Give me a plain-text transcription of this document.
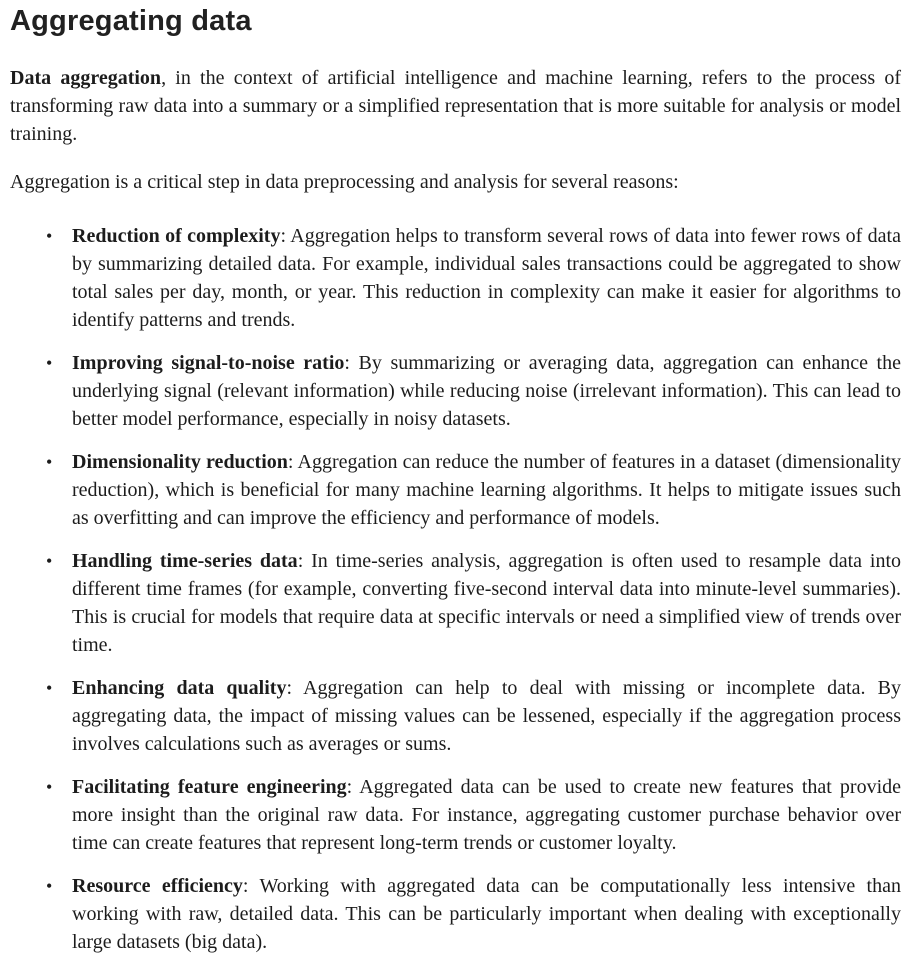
Aggregating data

Data aggregation, in the context of artificial intelligence and machine learning, refers to the process of transforming raw data into a summary or a simplified representation that is more suitable for analysis or model training.

Aggregation is a critical step in data preprocessing and analysis for several reasons:

• Reduction of complexity: Aggregation helps to transform several rows of data into fewer rows of data by summarizing detailed data. For example, individual sales transactions could be aggregated to show total sales per day, month, or year. This reduction in complexity can make it easier for algorithms to identify patterns and trends.
• Improving signal-to-noise ratio: By summarizing or averaging data, aggregation can enhance the underlying signal (relevant information) while reducing noise (irrelevant information). This can lead to better model performance, especially in noisy datasets.
• Dimensionality reduction: Aggregation can reduce the number of features in a dataset (dimensionality reduction), which is beneficial for many machine learning algorithms. It helps to mitigate issues such as overfitting and can improve the efficiency and performance of models.
• Handling time-series data: In time-series analysis, aggregation is often used to resample data into different time frames (for example, converting five-second interval data into minute-level summaries). This is crucial for models that require data at specific intervals or need a simplified view of trends over time.
• Enhancing data quality: Aggregation can help to deal with missing or incomplete data. By aggregating data, the impact of missing values can be lessened, especially if the aggregation process involves calculations such as averages or sums.
• Facilitating feature engineering: Aggregated data can be used to create new features that provide more insight than the original raw data. For instance, aggregating customer purchase behavior over time can create features that represent long-term trends or customer loyalty.
• Resource efficiency: Working with aggregated data can be computationally less intensive than working with raw, detailed data. This can be particularly important when dealing with exceptionally large datasets (big data).
